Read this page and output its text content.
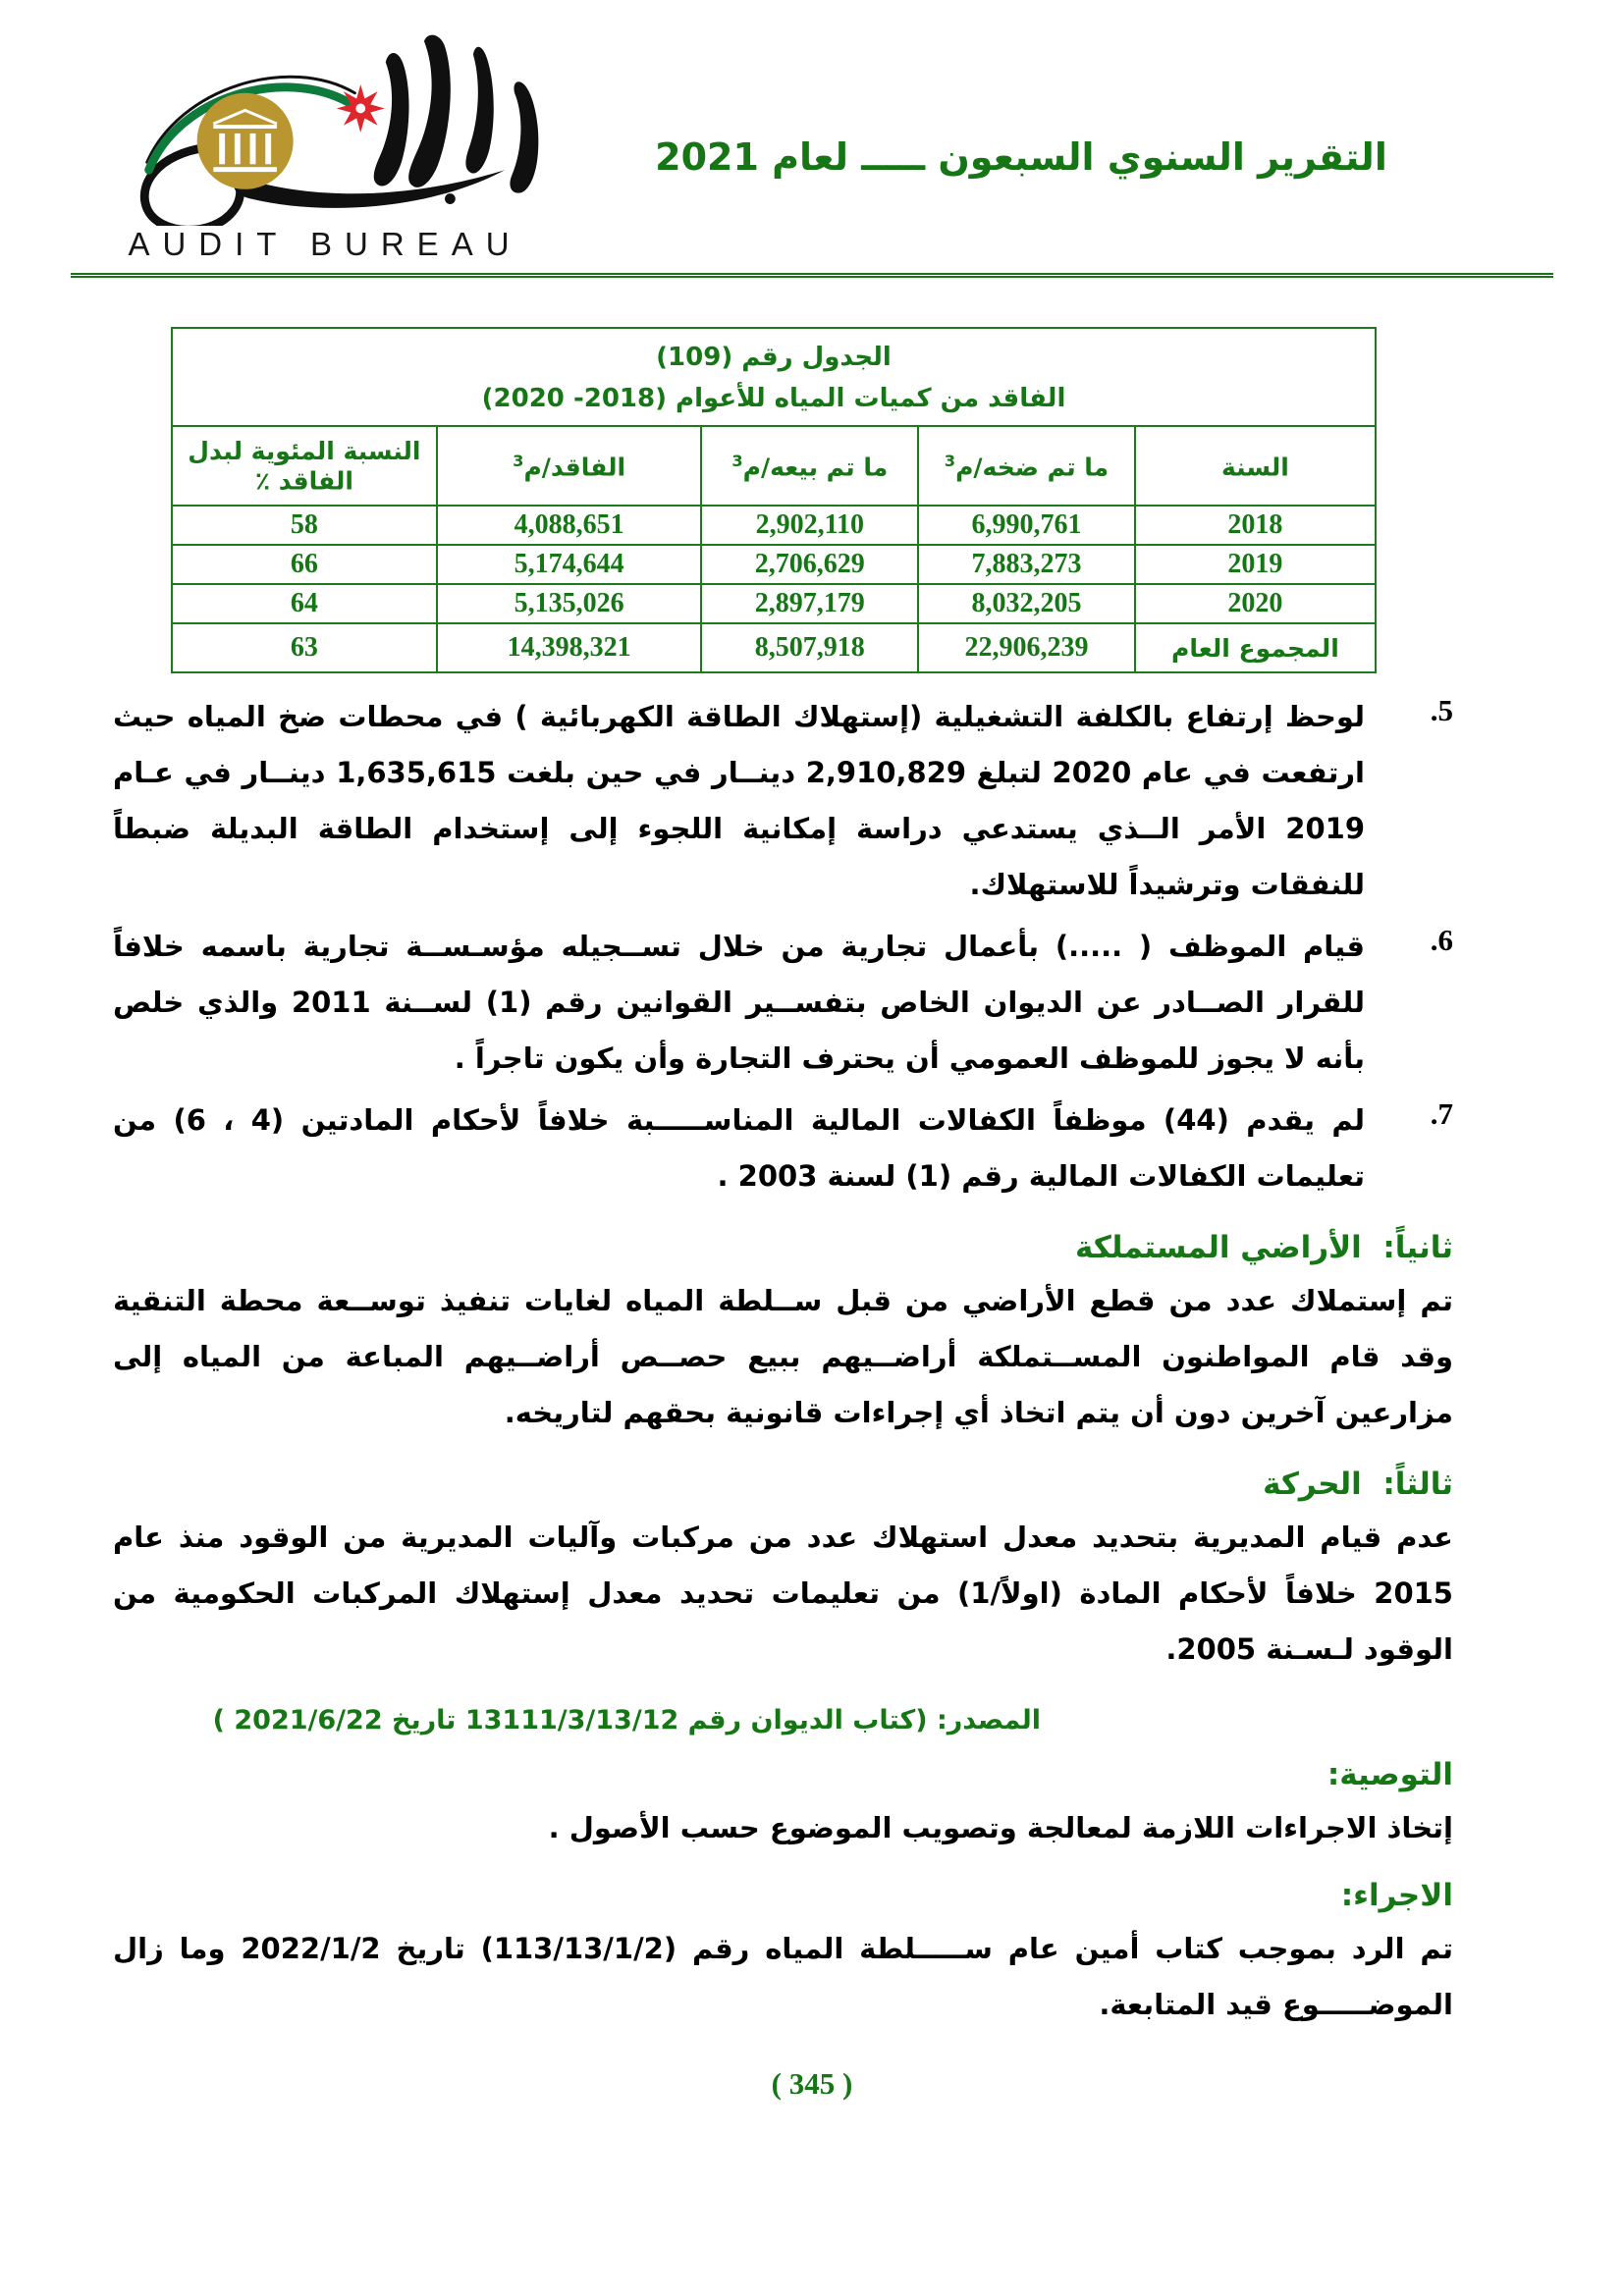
AUDIT BUREAU
التقرير السنوي السبعون ـــــ لعام 2021
الجدول رقم (109)
الفاقد من كميات المياه للأعوام (2018- 2020)				

السنة	ما تم ضخه/م$^3$	ما تم بيعه/م$^3$	الفاقد/م$^3$	النسبة المئوية لبدل الفاقد ٪
2018	6,990,761	2,902,110	4,088,651	58
2019	7,883,273	2,706,629	5,174,644	66
2020	8,032,205	2,897,179	5,135,026	64
المجموع العام	22,906,239	8,507,918	14,398,321	63
5.

لوحظ إرتفاع بالكلفة التشغيلية (إستهلاك الطاقة الكهربائية ) في محطات ضخ المياه حيث ارتفعت في عام 2020 لتبلغ 2,910,829 دينــار في حين بلغت 1,635,615 دينــار في عـام 2019 الأمر الــذي يستدعي دراسة إمكانية اللجوء إلى إستخدام الطاقة البديلة ضبطاً للنفقات وترشيداً للاستهلاك.

6.

قيام الموظف ( .....) بأعمال تجارية من خلال تســجيله مؤسـســة تجارية باسمه خلافاً للقرار الصــادر عن الديوان الخاص بتفســير القوانين رقم (1) لســنة 2011 والذي خلص بأنه لا يجوز للموظف العمومي أن يحترف التجارة وأن يكون تاجراً .

7.

لم يقدم (44) موظفاً الكفالات المالية المناســـــبة خلافاً لأحكام المادتين (4 ، 6) من تعليمات الكفالات المالية رقم (1) لسنة 2003 .

ثانياً:  الأراضي المستملكة

تم إستملاك عدد من قطع الأراضي من قبل ســلطة المياه لغايات تنفيذ توســعة محطة التنقية وقد قام المواطنون المســتملكة أراضــيهم ببيع حصــص أراضــيهم المباعة من المياه إلى مزارعين آخرين دون أن يتم اتخاذ أي إجراءات قانونية بحقهم لتاريخه.

ثالثاً:  الحركة

عدم قيام المديرية بتحديد معدل استهلاك عدد من مركبات وآليات المديرية من الوقود منذ عام 2015 خلافاً لأحكام المادة (اولاً/1) من تعليمات تحديد معدل إستهلاك المركبات الحكومية من الوقود لـسـنة 2005.

المصدر: (كتاب الديوان رقم 13111/3/13/12 تاريخ 2021/6/22 )

التوصية:

إتخاذ الاجراءات اللازمة لمعالجة وتصويب الموضوع حسب الأصول .

الاجراء:

تم الرد بموجب كتاب أمين عام ســـــلطة المياه رقم (113/13/1/2) تاريخ 2022/1/2 وما زال الموضـــــوع قيد المتابعة.

( 345 )
